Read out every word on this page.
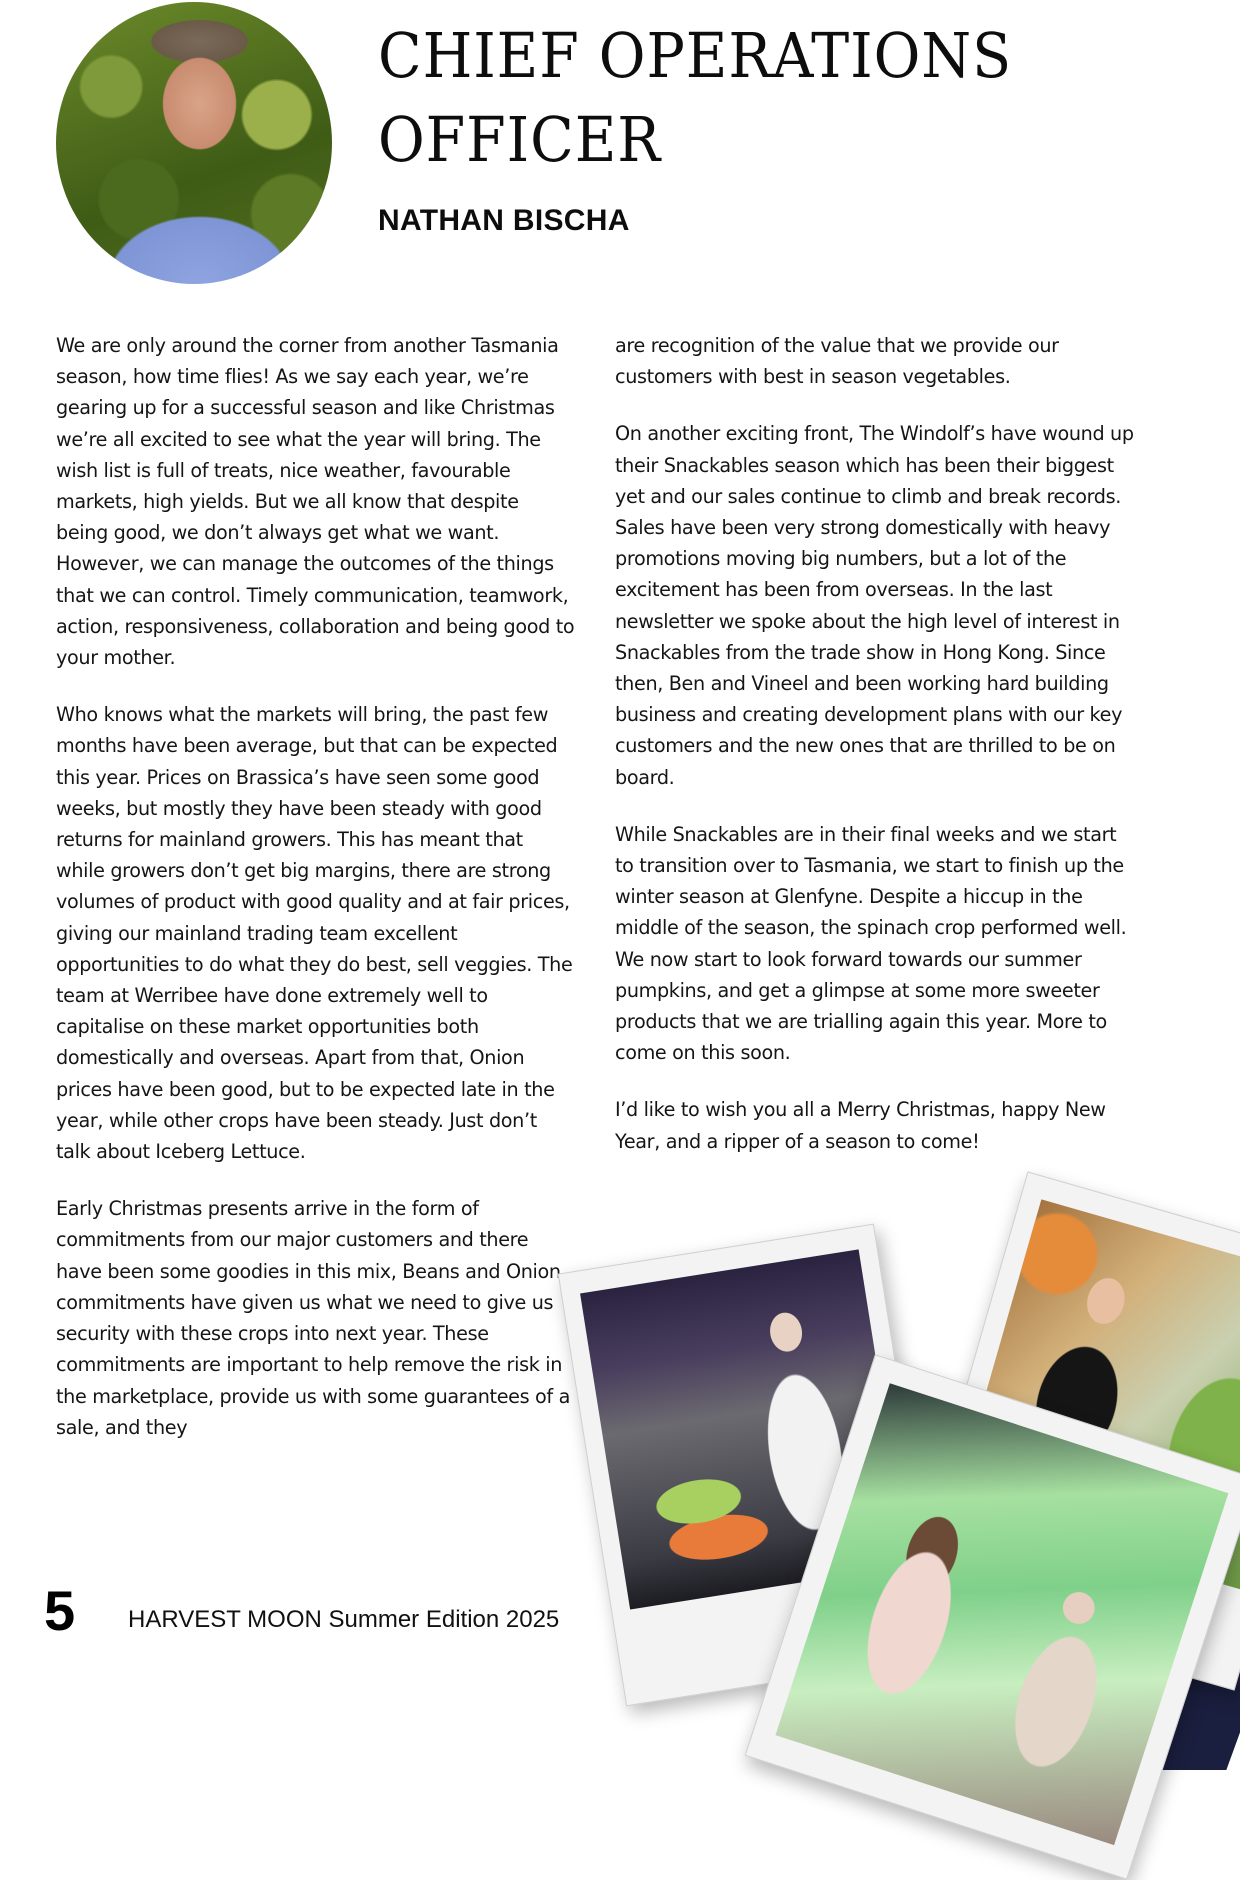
CHIEF OPERATIONS
OFFICER
NATHAN BISCHA

We are only around the corner from another Tasmania season, how time flies! As we say each year, we’re gearing up for a successful season and like Christmas we’re all excited to see what the year will bring. The wish list is full of treats, nice weather, favourable markets, high yields. But we all know that despite being good, we don’t always get what we want. However, we can manage the outcomes of the things that we can control. Timely communication, teamwork, action, responsiveness, collaboration and being good to your mother.

Who knows what the markets will bring, the past few months have been average, but that can be expected this year. Prices on Brassica’s have seen some good weeks, but mostly they have been steady with good returns for mainland growers. This has meant that while growers don’t get big margins, there are strong volumes of product with good quality and at fair prices, giving our mainland trading team excellent opportunities to do what they do best, sell veggies. The team at Werribee have done extremely well to capitalise on these market opportunities both domestically and overseas. Apart from that, Onion prices have been good, but to be expected late in the year, while other crops have been steady. Just don’t talk about Iceberg Lettuce.

Early Christmas presents arrive in the form of commitments from our major customers and there have been some goodies in this mix, Beans and Onion commitments have given us what we need to give us security with these crops into next year. These commitments are important to help remove the risk in the marketplace, provide us with some guarantees of a sale, and they

are recognition of the value that we provide our customers with best in season vegetables.

On another exciting front, The Windolf’s have wound up their Snackables season which has been their biggest yet and our sales continue to climb and break records. Sales have been very strong domestically with heavy promotions moving big numbers, but a lot of the excitement has been from overseas. In the last newsletter we spoke about the high level of interest in Snackables from the trade show in Hong Kong. Since then, Ben and Vineel and been working hard building business and creating development plans with our key customers and the new ones that are thrilled to be on board.

While Snackables are in their final weeks and we start to transition over to Tasmania, we start to finish up the winter season at Glenfyne. Despite a hiccup in the middle of the season, the spinach crop performed well. We now start to look forward towards our summer pumpkins, and get a glimpse at some more sweeter products that we are trialling again this year. More to come on this soon.

I’d like to wish you all a Merry Christmas, happy New Year, and a ripper of a season to come!

5 HARVEST MOON Summer Edition 2025
